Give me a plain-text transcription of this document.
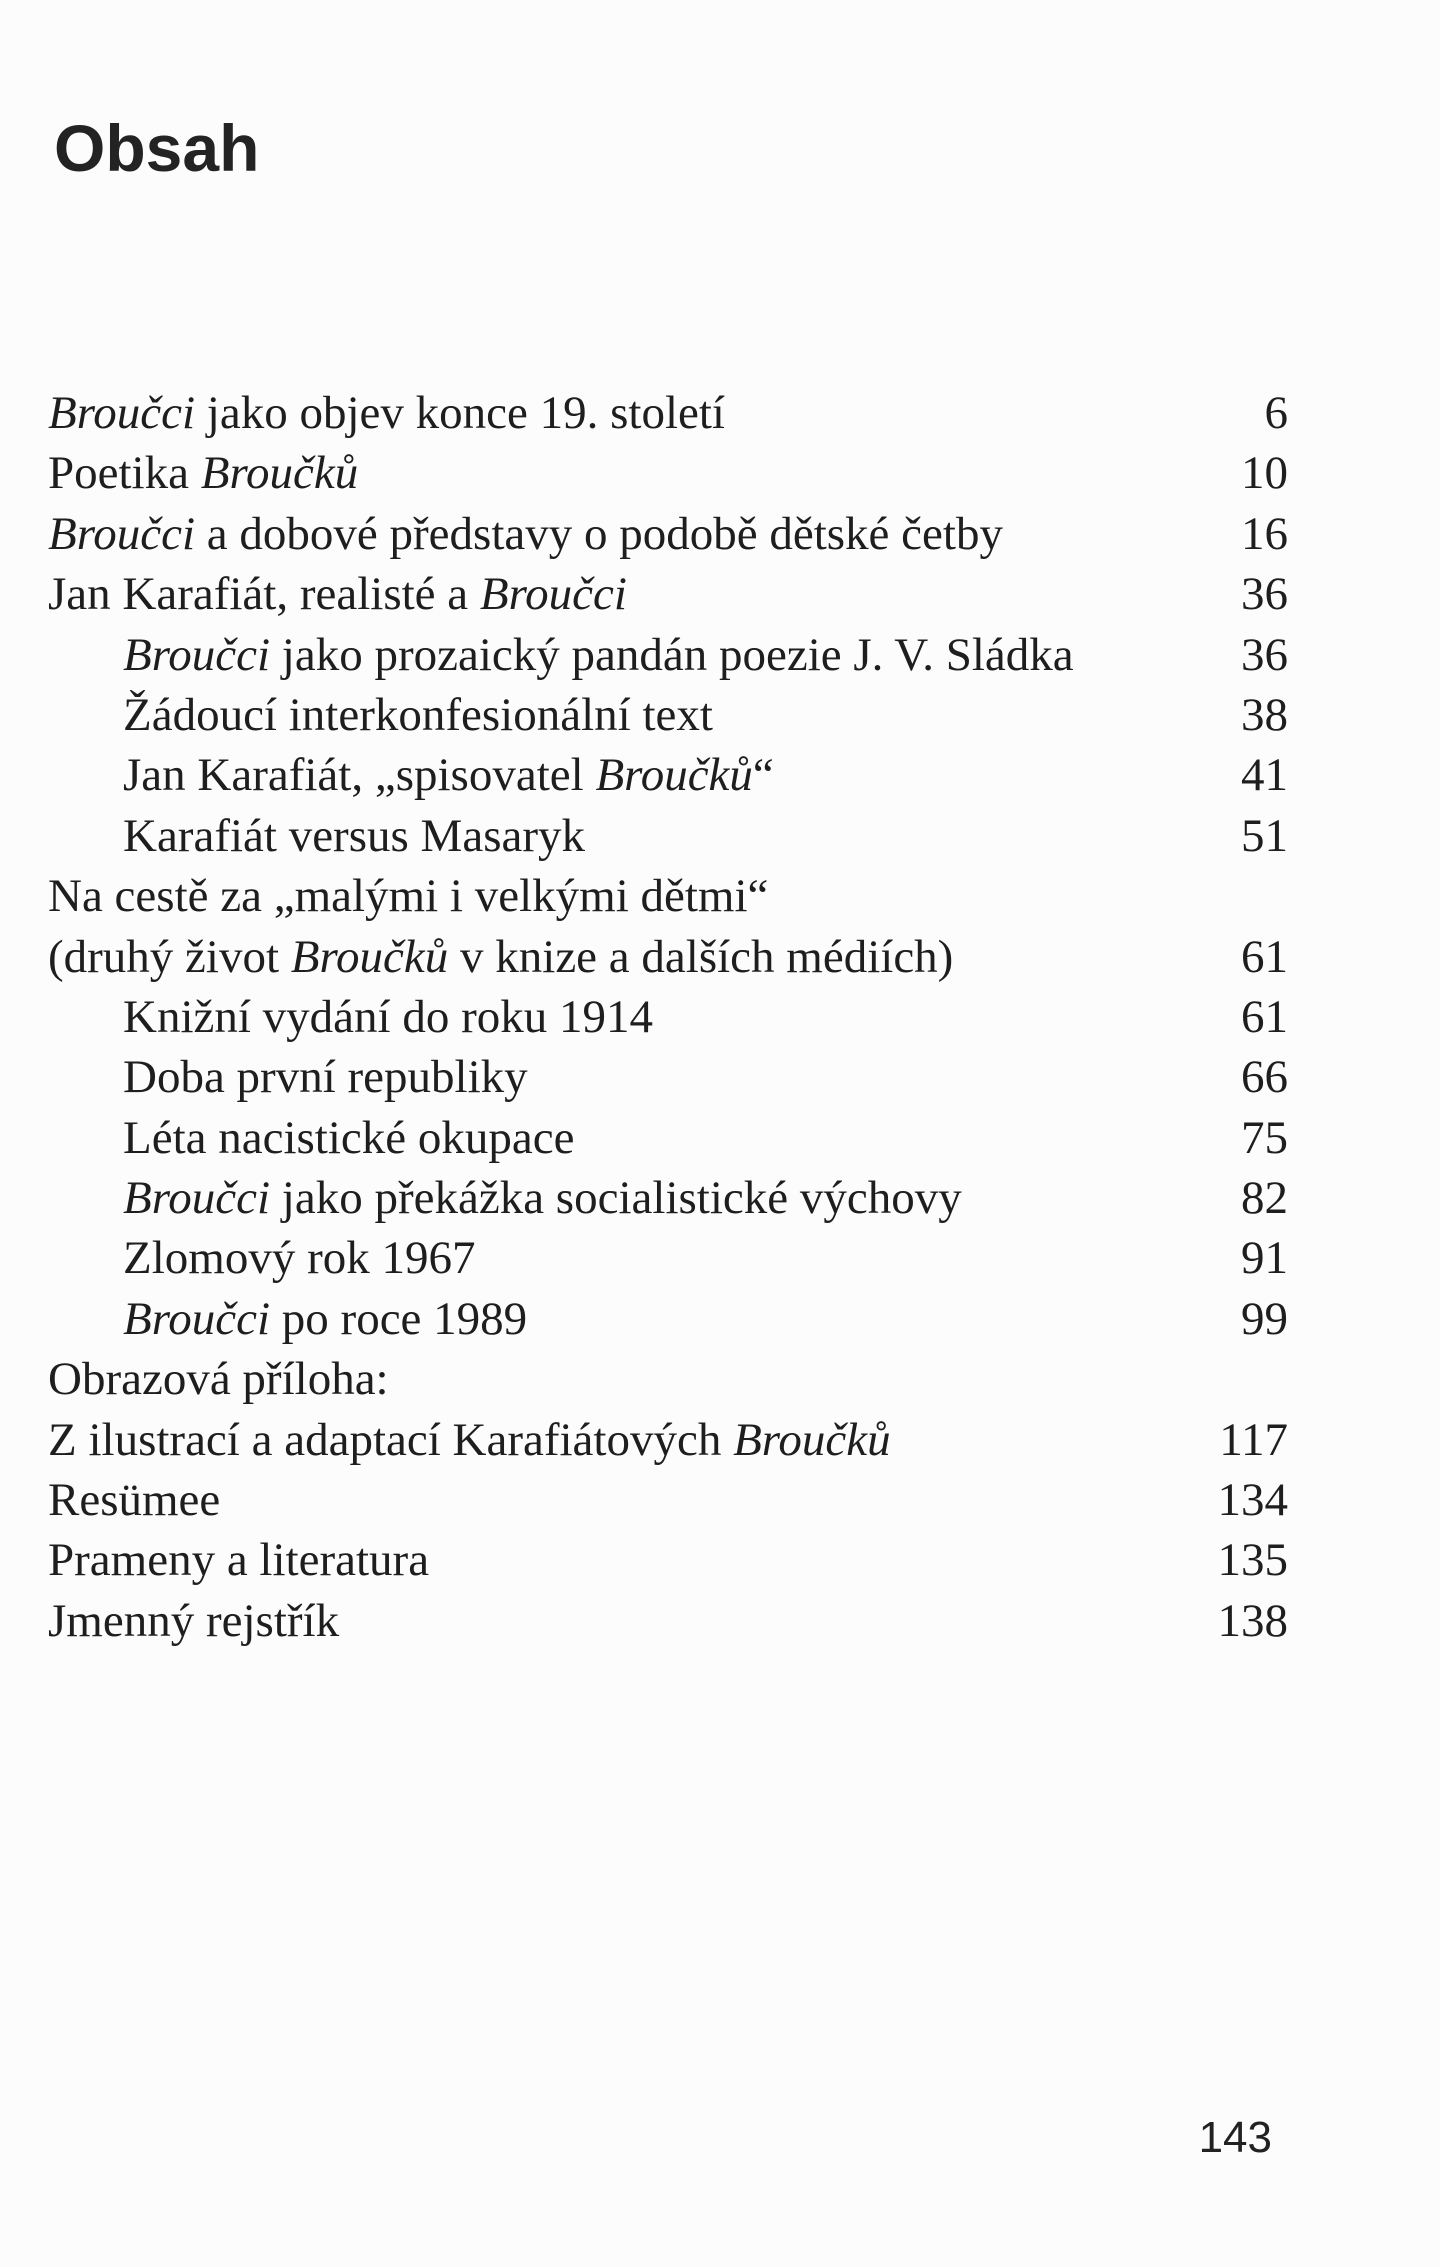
Obsah
Broučci jako objev konce 19. století	6
Poetika Broučků	10
Broučci a dobové představy o podobě dětské četby	16
Jan Karafiát, realisté a Broučci	36
Broučci jako prozaický pandán poezie J. V. Sládka	36
Žádoucí interkonfesionální text	38
Jan Karafiát, „spisovatel Broučků“	41
Karafiát versus Masaryk	51
Na cestě za „malými i velkými dětmi“
(druhý život Broučků v knize a dalších médiích)	61
Knižní vydání do roku 1914	61
Doba první republiky	66
Léta nacistické okupace	75
Broučci jako překážka socialistické výchovy	82
Zlomový rok 1967	91
Broučci po roce 1989	99
Obrazová příloha:
Z ilustrací a adaptací Karafiátových Broučků	117
Resümee	134
Prameny a literatura	135
Jmenný rejstřík	138
143
